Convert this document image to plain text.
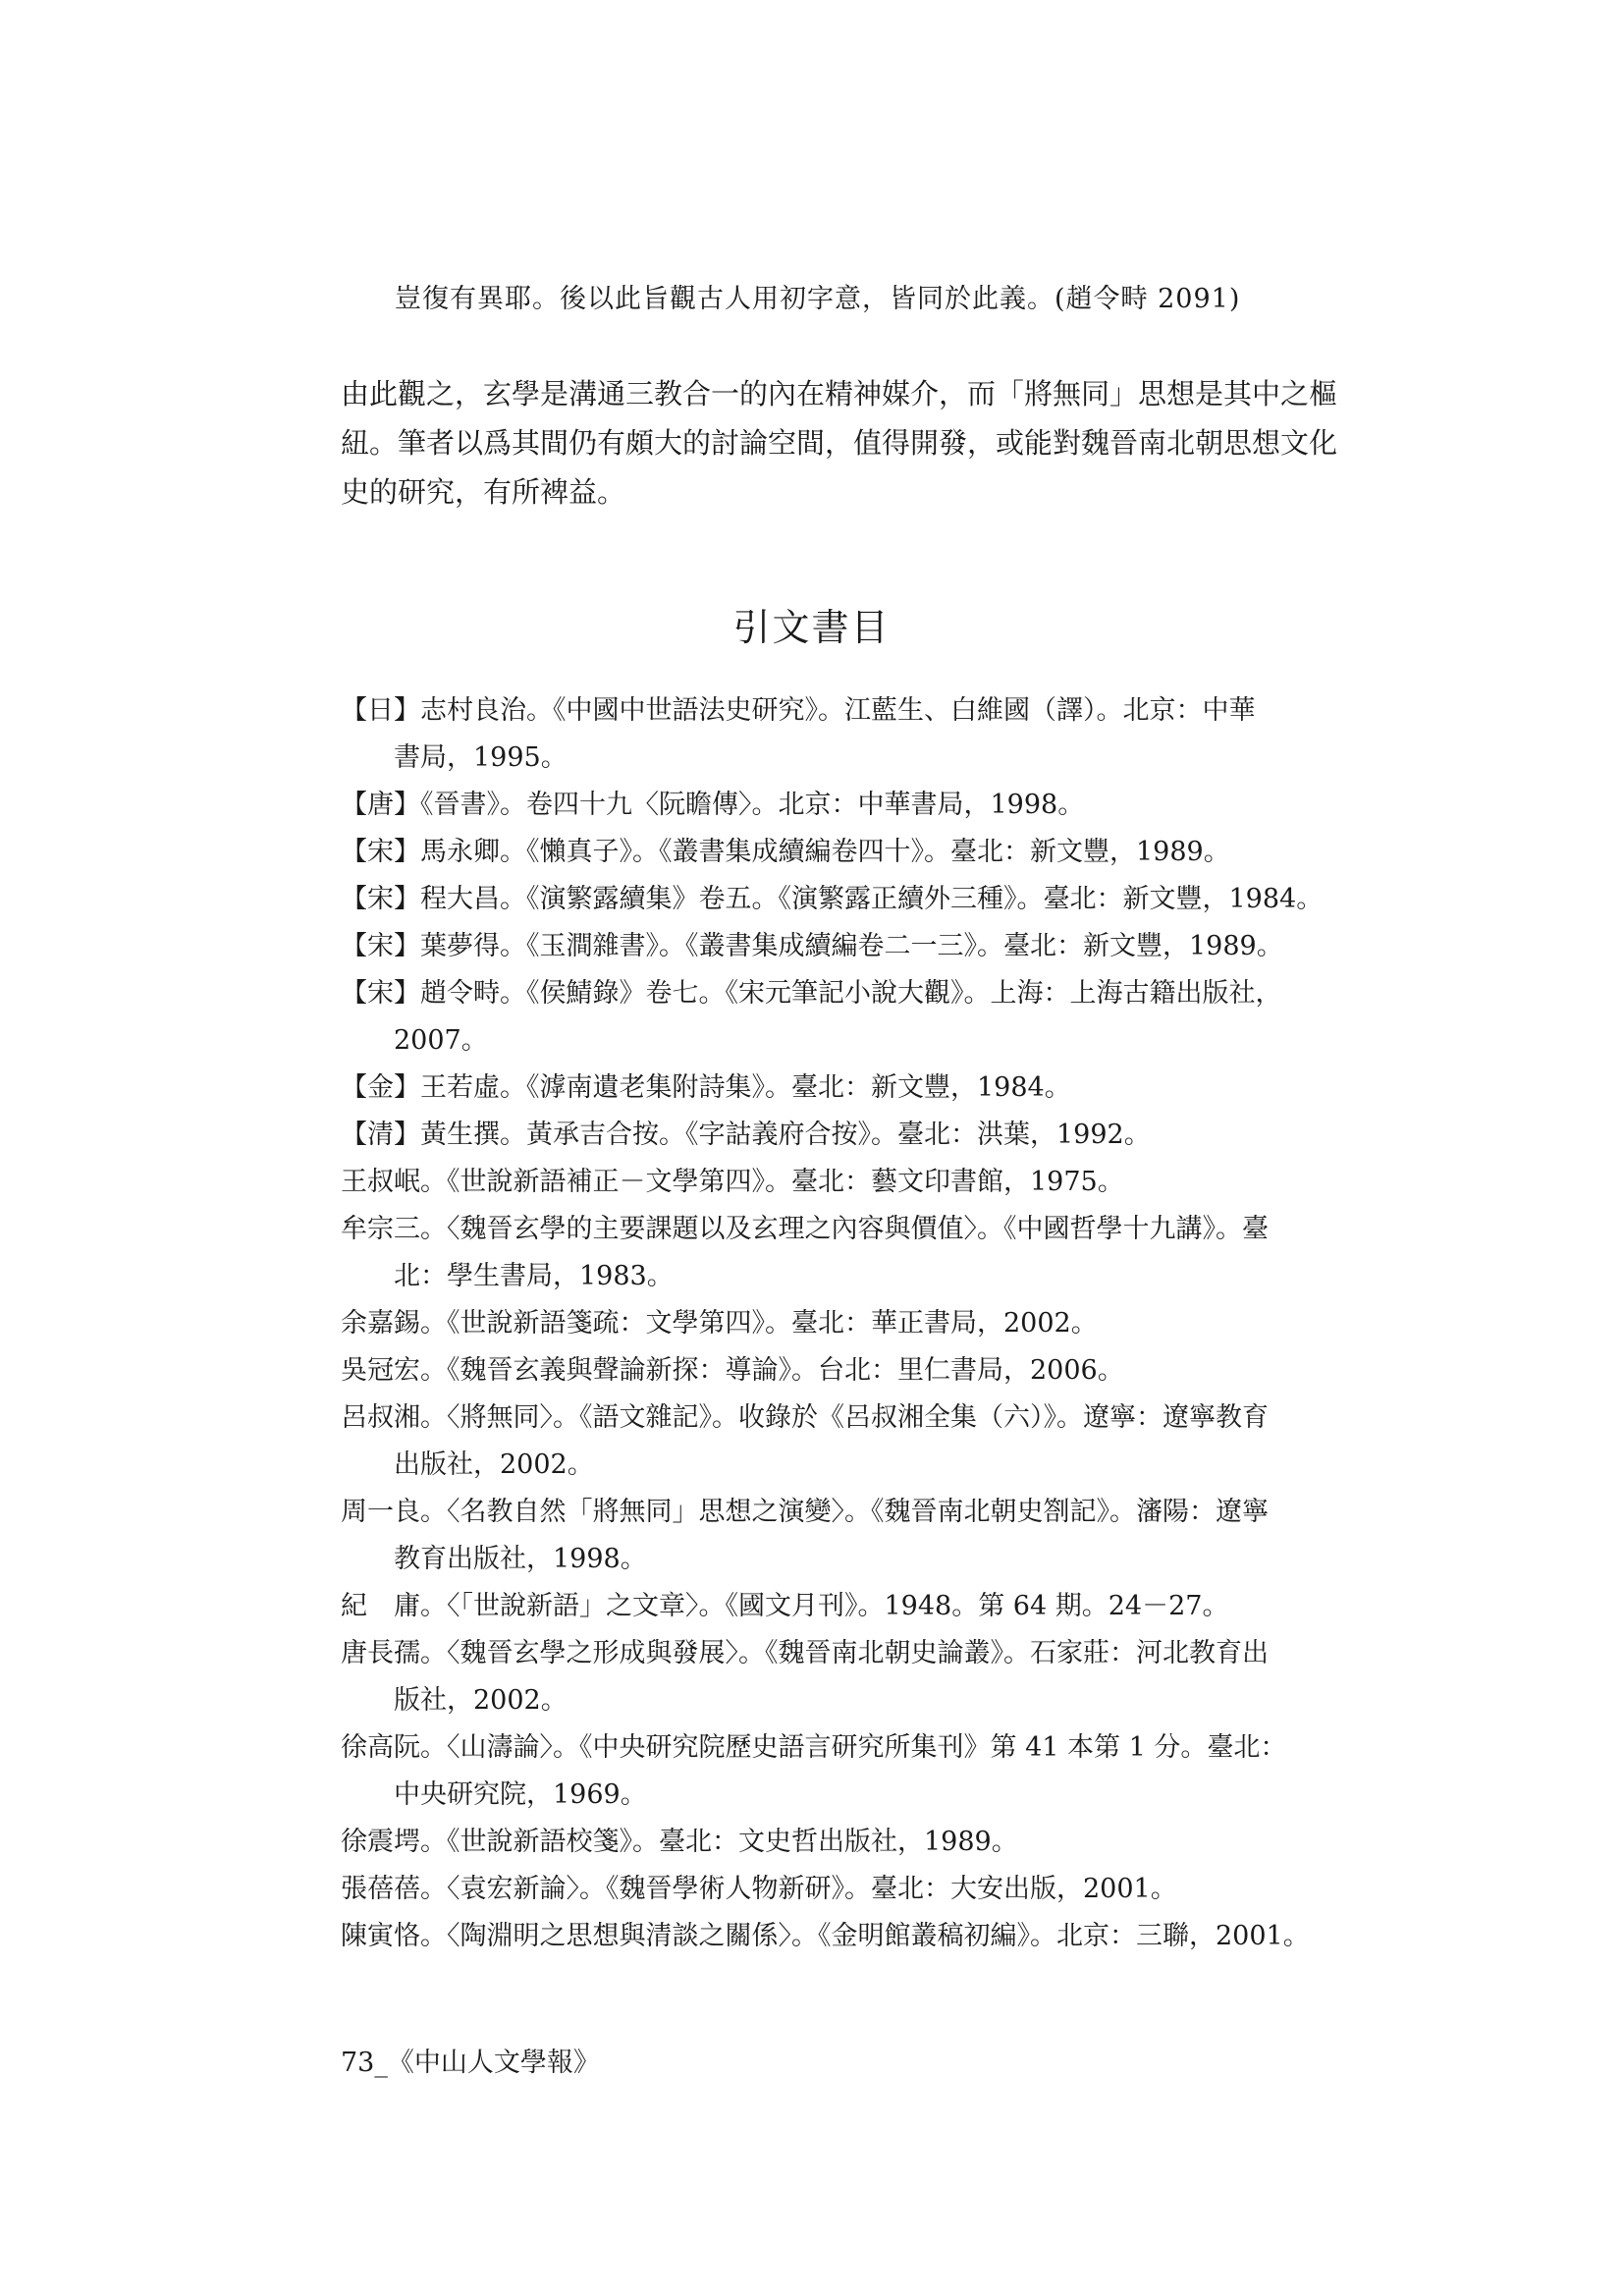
豈復有異耶。後以此旨觀古人用初字意，皆同於此義。(趙令畤 2091)
由此觀之，玄學是溝通三教合一的內在精神媒介，而「將無同」思想是其中之樞
紐。筆者以爲其間仍有頗大的討論空間，值得開發，或能對魏晉南北朝思想文化
史的研究，有所裨益。
引文書目
【日】志村良治。《中國中世語法史研究》。江藍生、白維國（譯）。北京：中華
書局，1995。
【唐】《晉書》。卷四十九〈阮瞻傳〉。北京：中華書局，1998。
【宋】馬永卿。《懶真子》。《叢書集成續編卷四十》。臺北：新文豐，1989。
【宋】程大昌。《演繁露續集》卷五。《演繁露正續外三種》。臺北：新文豐，1984。
【宋】葉夢得。《玉澗雜書》。《叢書集成續編卷二一三》。臺北：新文豐，1989。
【宋】趙令畤。《侯鯖錄》卷七。《宋元筆記小說大觀》。上海：上海古籍出版社，
2007。
【金】王若虛。《滹南遺老集附詩集》。臺北：新文豐，1984。
【清】黃生撰。黃承吉合按。《字詁義府合按》。臺北：洪葉，1992。
王叔岷。《世說新語補正－文學第四》。臺北：藝文印書館，1975。
牟宗三。〈魏晉玄學的主要課題以及玄理之內容與價值〉。《中國哲學十九講》。臺
北：學生書局，1983。
余嘉錫。《世說新語箋疏：文學第四》。臺北：華正書局，2002。
吳冠宏。《魏晉玄義與聲論新探：導論》。台北：里仁書局，2006。
呂叔湘。〈將無同〉。《語文雜記》。收錄於《呂叔湘全集（六）》。遼寧：遼寧教育
出版社，2002。
周一良。〈名教自然「將無同」思想之演變〉。《魏晉南北朝史劄記》。瀋陽：遼寧
教育出版社，1998。
紀　庸。〈「世說新語」之文章〉。《國文月刊》。1948。第 64 期。24－27。
唐長孺。〈魏晉玄學之形成與發展〉。《魏晉南北朝史論叢》。石家莊：河北教育出
版社，2002。
徐高阮。〈山濤論〉。《中央研究院歷史語言研究所集刊》第 41 本第 1 分。臺北：
中央研究院，1969。
徐震堮。《世說新語校箋》。臺北：文史哲出版社，1989。
張蓓蓓。〈袁宏新論〉。《魏晉學術人物新研》。臺北：大安出版，2001。
陳寅恪。〈陶淵明之思想與清談之關係〉。《金明館叢稿初編》。北京：三聯，2001。
73_《中山人文學報》
